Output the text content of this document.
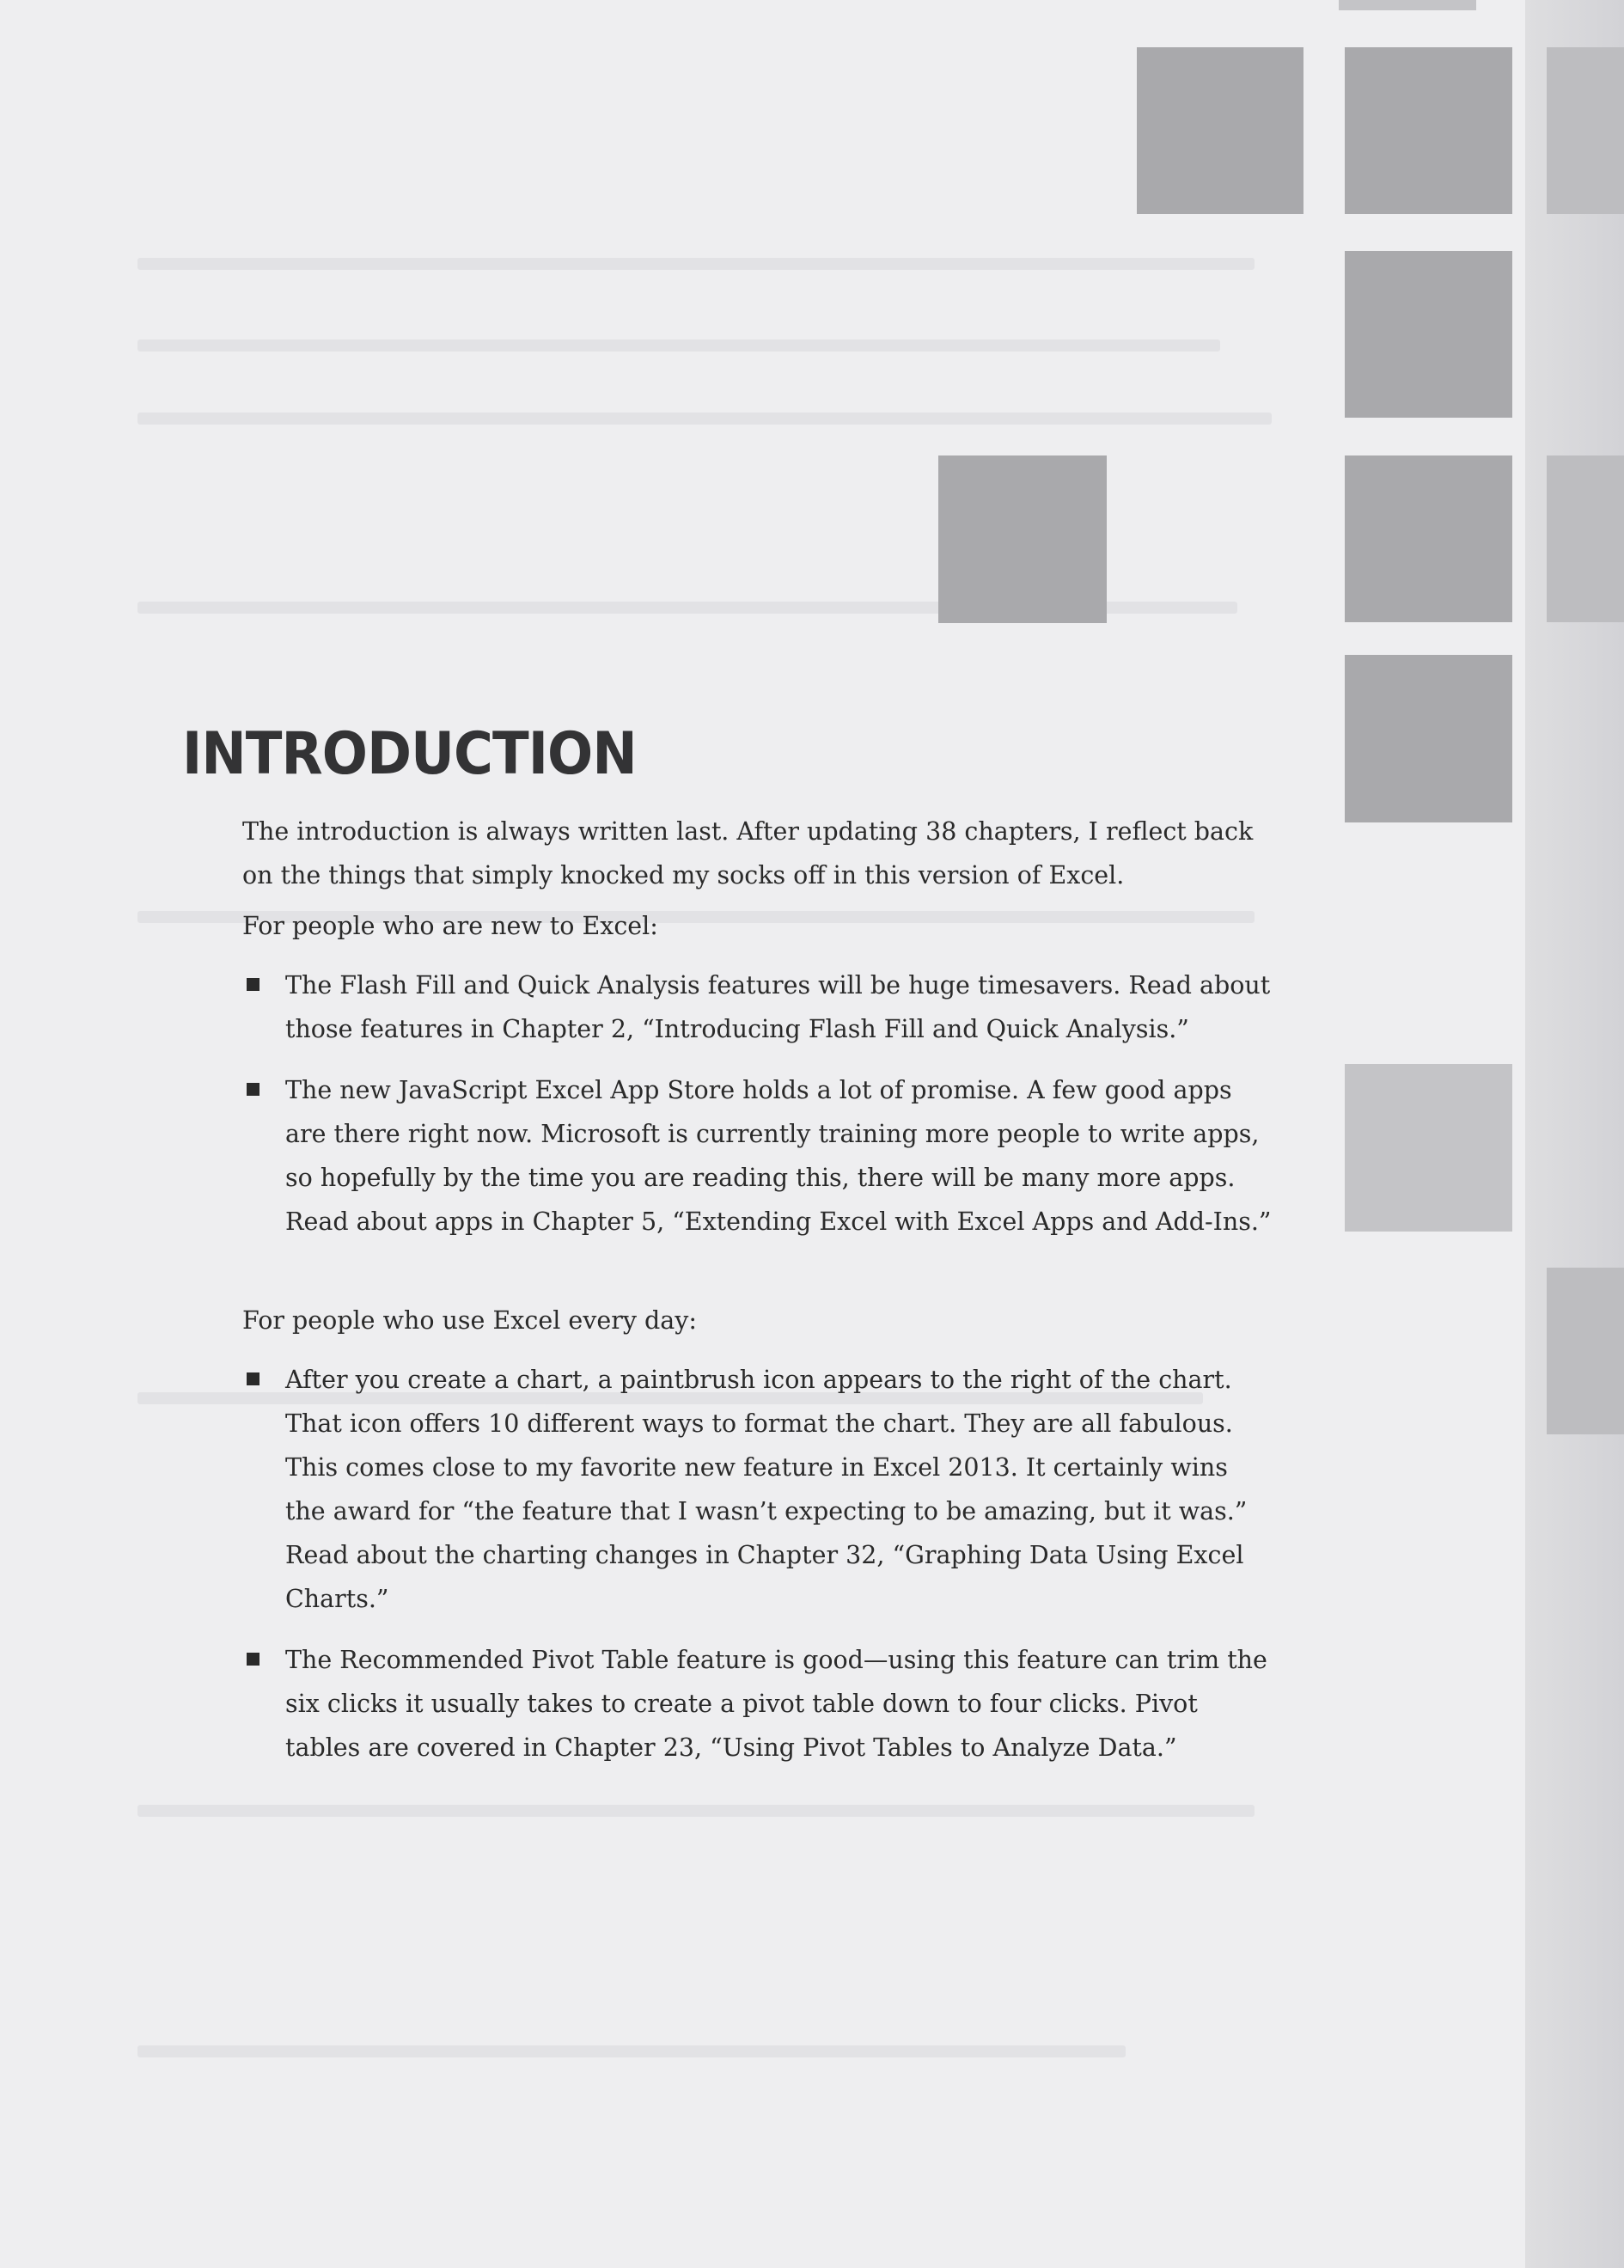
INTRODUCTION

The introduction is always written last. After updating 38 chapters, I reflect back on the things that simply knocked my socks off in this version of Excel.

For people who are new to Excel:

The Flash Fill and Quick Analysis features will be huge timesavers. Read about those features in Chapter 2, “Introducing Flash Fill and Quick Analysis.”
The new JavaScript Excel App Store holds a lot of promise. A few good apps are there right now. Microsoft is currently training more people to write apps, so hopefully by the time you are reading this, there will be many more apps. Read about apps in Chapter 5, “Extending Excel with Excel Apps and Add-Ins.”

For people who use Excel every day:

After you create a chart, a paintbrush icon appears to the right of the chart. That icon offers 10 different ways to format the chart. They are all fabulous. This comes close to my favorite new feature in Excel 2013. It certainly wins the award for “the feature that I wasn’t expecting to be amazing, but it was.” Read about the charting changes in Chapter 32, “Graphing Data Using Excel Charts.”
The Recommended Pivot Table feature is good—using this feature can trim the six clicks it usually takes to create a pivot table down to four clicks. Pivot tables are covered in Chapter 23, “Using Pivot Tables to Analyze Data.”
